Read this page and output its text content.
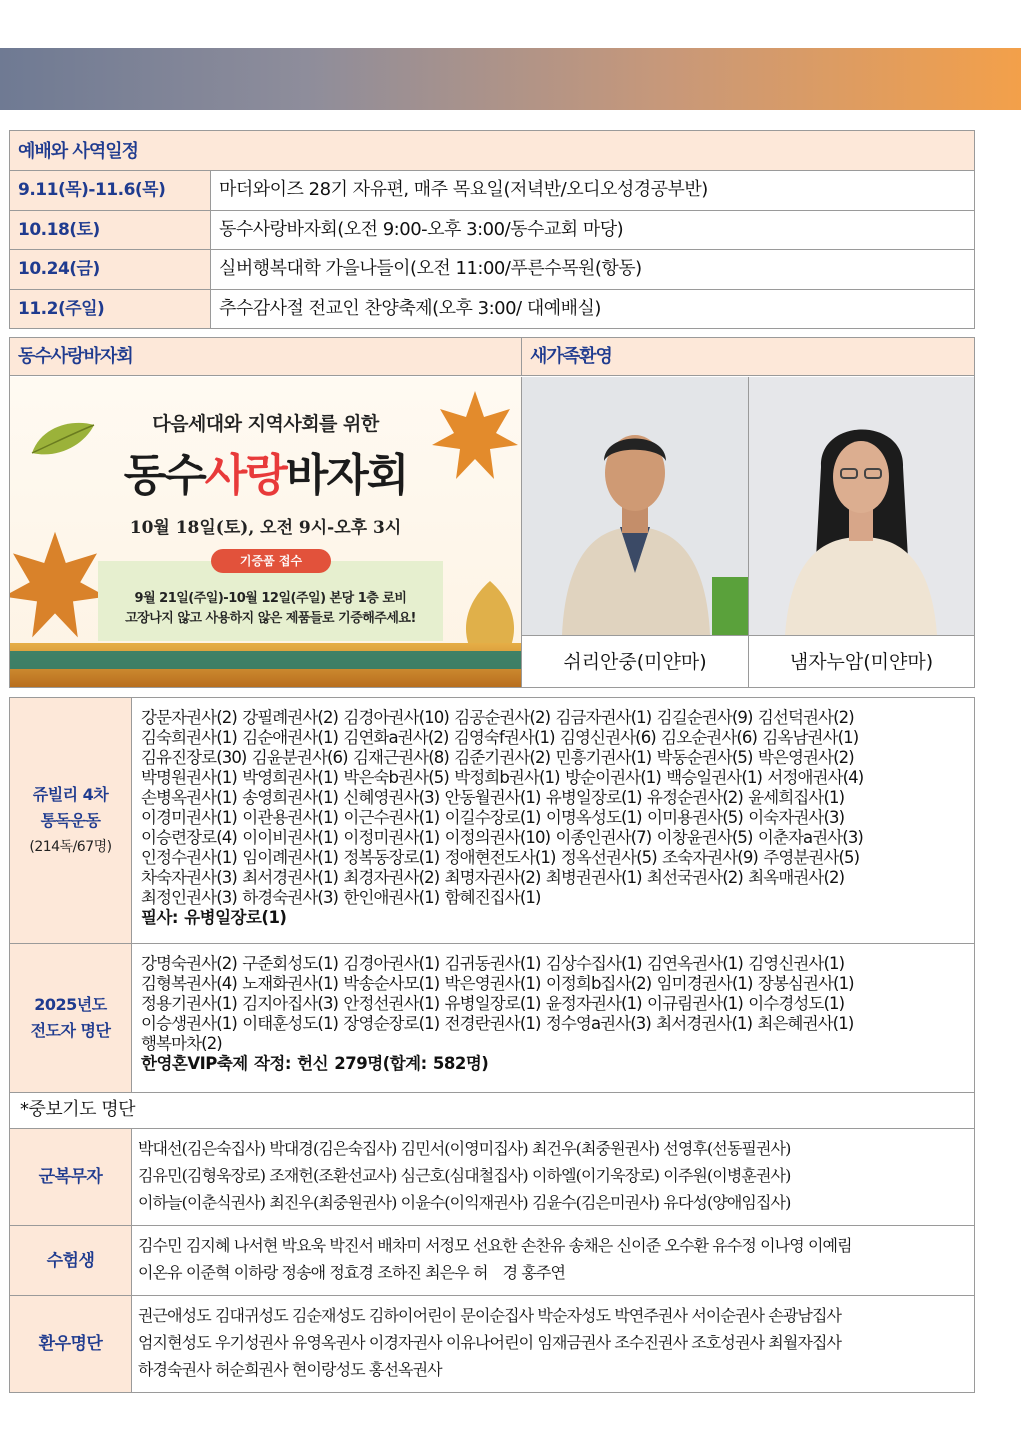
예배와 사역일정
9.11(목)-11.6(목)	마더와이즈 28기 자유편, 매주 목요일(저녁반/오디오성경공부반)
10.18(토)	동수사랑바자회(오전 9:00-오후 3:00/동수교회 마당)
10.24(금)	실버행복대학 가을나들이(오전 11:00/푸른수목원(항동)
11.2(주일)	추수감사절 전교인 찬양축제(오후 3:00/ 대예배실)
동수사랑바자회	새가족환영
다음세대와 지역사회를 위한
동수사랑바자회
10월 18일(토), 오전 9시-오후 3시
9월 21일(주일)-10월 12일(주일) 본당 1층 로비
고장나지 않고 사용하지 않은 제품들로 기증해주세요!
기증품 접수
쉬리안중(미얀마)	냄자누암(미얀마)
쥬빌리 4차
통독운동
(214독/67명)
강문자권사(2) 강필례권사(2) 김경아권사(10) 김공순권사(2) 김금자권사(1) 김길순권사(9) 김선덕권사(2)
김숙희권사(1) 김순애권사(1) 김연화a권사(2) 김영숙f권사(1) 김영신권사(6) 김오순권사(6) 김옥남권사(1)
김유진장로(30) 김윤분권사(6) 김재근권사(8) 김준기권사(2) 민흥기권사(1) 박동순권사(5) 박은영권사(2)
박명원권사(1) 박영희권사(1) 박은숙b권사(5) 박정희b권사(1) 방순이권사(1) 백승일권사(1) 서정애권사(4)
손병옥권사(1) 송영희권사(1) 신혜영권사(3) 안동월권사(1) 유병일장로(1) 유정순권사(2) 윤세희집사(1)
이경미권사(1) 이관용권사(1) 이근수권사(1) 이길수장로(1) 이명옥성도(1) 이미용권사(5) 이숙자권사(3)
이승련장로(4) 이이비권사(1) 이정미권사(1) 이정의권사(10) 이종인권사(7) 이창윤권사(5) 이춘자a권사(3)
인정수권사(1) 임이례권사(1) 정복동장로(1) 정애현전도사(1) 정옥선권사(5) 조숙자권사(9) 주영분권사(5)
차숙자권사(3) 최서경권사(1) 최경자권사(2) 최명자권사(2) 최병권권사(1) 최선국권사(2) 최옥매권사(2)
최정인권사(3) 하경숙권사(3) 한인애권사(1) 함혜진집사(1)
필사: 유병일장로(1)
2025년도
전도자 명단
강명숙권사(2) 구준회성도(1) 김경아권사(1) 김귀동권사(1) 김상수집사(1) 김연옥권사(1) 김영신권사(1)
김형복권사(4) 노재화권사(1) 박송순사모(1) 박은영권사(1) 이정희b집사(2) 임미경권사(1) 장봉심권사(1)
정용기권사(1) 김지아집사(3) 안정선권사(1) 유병일장로(1) 윤정자권사(1) 이규림권사(1) 이수경성도(1)
이승생권사(1) 이태훈성도(1) 장영순장로(1) 전경란권사(1) 정수영a권사(3) 최서경권사(1) 최은혜권사(1)
행복마차(2)
한영혼VIP축제 작정: 헌신 279명(합계: 582명)
*중보기도 명단
군복무자
박대선(김은숙집사) 박대경(김은숙집사) 김민서(이영미집사) 최건우(최중원권사) 선영후(선동필권사)
김유민(김형욱장로) 조재헌(조환선교사) 심근호(심대철집사) 이하엘(이기욱장로) 이주원(이병훈권사)
이하늘(이춘식권사) 최진우(최중원권사) 이윤수(이익재권사) 김윤수(김은미권사) 유다성(양애임집사)
수험생
김수민 김지혜 나서현 박요욱 박진서 배차미 서정모 선요한 손찬유 송채은 신이준 오수환 유수정 이나영 이예림
이온유 이준혁 이하랑 정송애 정효경 조하진 최은우 허　경 홍주연
환우명단
권근애성도 김대귀성도 김순재성도 김하이어린이 문이순집사 박순자성도 박연주권사 서이순권사 손광남집사
엄지현성도 우기성권사 유영옥권사 이경자권사 이유나어린이 임재금권사 조수진권사 조호성권사 최월자집사
하경숙권사 허순희권사 현이랑성도 홍선옥권사
